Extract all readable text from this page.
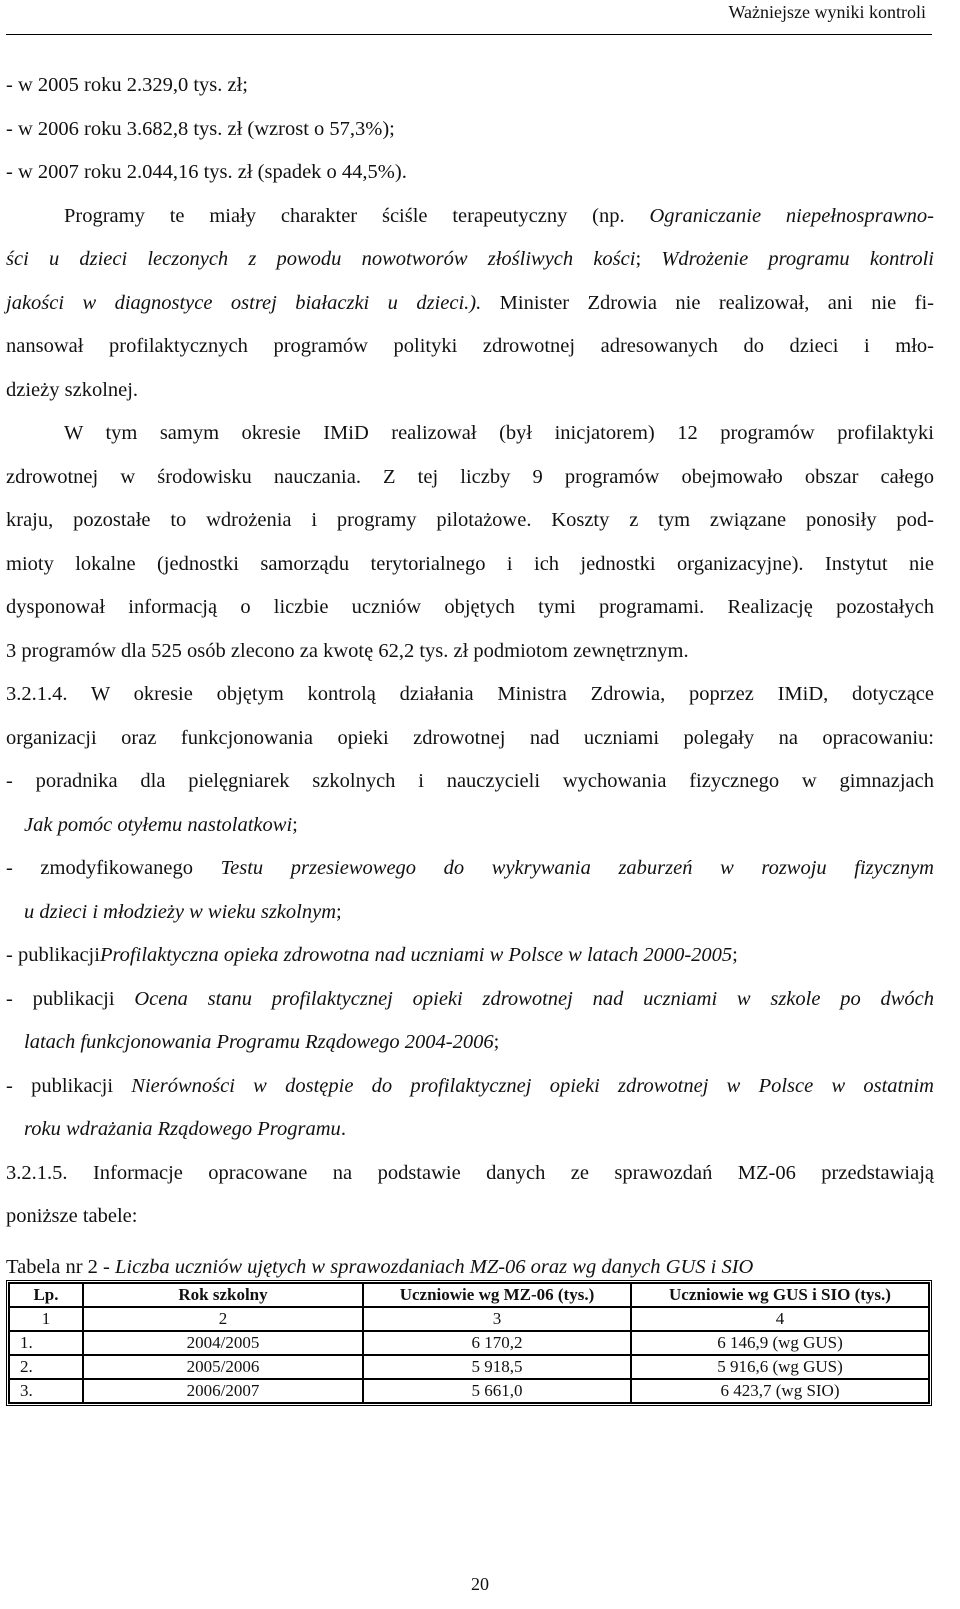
Ważniejsze wyniki kontroli
- w 2005 roku 2.329,0 tys. zł;
- w 2006 roku 3.682,8 tys. zł (wzrost o 57,3%);
- w 2007 roku 2.044,16 tys. zł (spadek o 44,5%).
Programy te miały charakter ściśle terapeutyczny (np. Ograniczanie niepełnosprawno-
ści u dzieci leczonych z powodu nowotworów złośliwych kości; Wdrożenie programu kontroli
jakości w diagnostyce ostrej białaczki u dzieci.). Minister Zdrowia nie realizował, ani nie fi-
nansował profilaktycznych programów polityki zdrowotnej adresowanych do dzieci i mło-
dzieży szkolnej.
W tym samym okresie IMiD realizował (był inicjatorem) 12 programów profilaktyki
zdrowotnej w środowisku nauczania. Z tej liczby 9 programów obejmowało obszar całego
kraju, pozostałe to wdrożenia i programy pilotażowe. Koszty z tym związane ponosiły pod-
mioty lokalne (jednostki samorządu terytorialnego i ich jednostki organizacyjne). Instytut nie
dysponował informacją o liczbie uczniów objętych tymi programami. Realizację pozostałych
3 programów dla 525 osób zlecono za kwotę 62,2 tys. zł podmiotom zewnętrznym.
3.2.1.4. W okresie objętym kontrolą działania Ministra Zdrowia, poprzez IMiD, dotyczące
organizacji oraz funkcjonowania opieki zdrowotnej nad uczniami polegały na opracowaniu:
- poradnika dla pielęgniarek szkolnych i nauczycieli wychowania fizycznego w gimnazjach
Jak pomóc otyłemu nastolatkowi ;
- zmodyfikowanego Testu przesiewowego do wykrywania zaburzeń w rozwoju fizycznym
u dzieci i młodzieży w wieku szkolnym ;
- publikacji Profilaktyczna opieka zdrowotna nad uczniami w Polsce w latach 2000-2005 ;
- publikacji Ocena stanu profilaktycznej opieki zdrowotnej nad uczniami w szkole po dwóch
latach funkcjonowania Programu Rządowego 2004-2006 ;
- publikacji Nierówności w dostępie do profilaktycznej opieki zdrowotnej w Polsce w ostatnim
roku wdrażania Rządowego Programu .
3.2.1.5. Informacje opracowane na podstawie danych ze sprawozdań MZ-06 przedstawiają
poniższe tabele:
Tabela nr 2 - Liczba uczniów ujętych w sprawozdaniach MZ-06 oraz wg danych GUS i SIO
Lp.	Rok szkolny	Uczniowie wg MZ-06 (tys.)	Uczniowie wg GUS i SIO (tys.)
1	2	3	4
1.	2004/2005	6 170,2	6 146,9 (wg GUS)
2.	2005/2006	5 918,5	5 916,6 (wg GUS)
3.	2006/2007	5 661,0	6 423,7 (wg SIO)
20
